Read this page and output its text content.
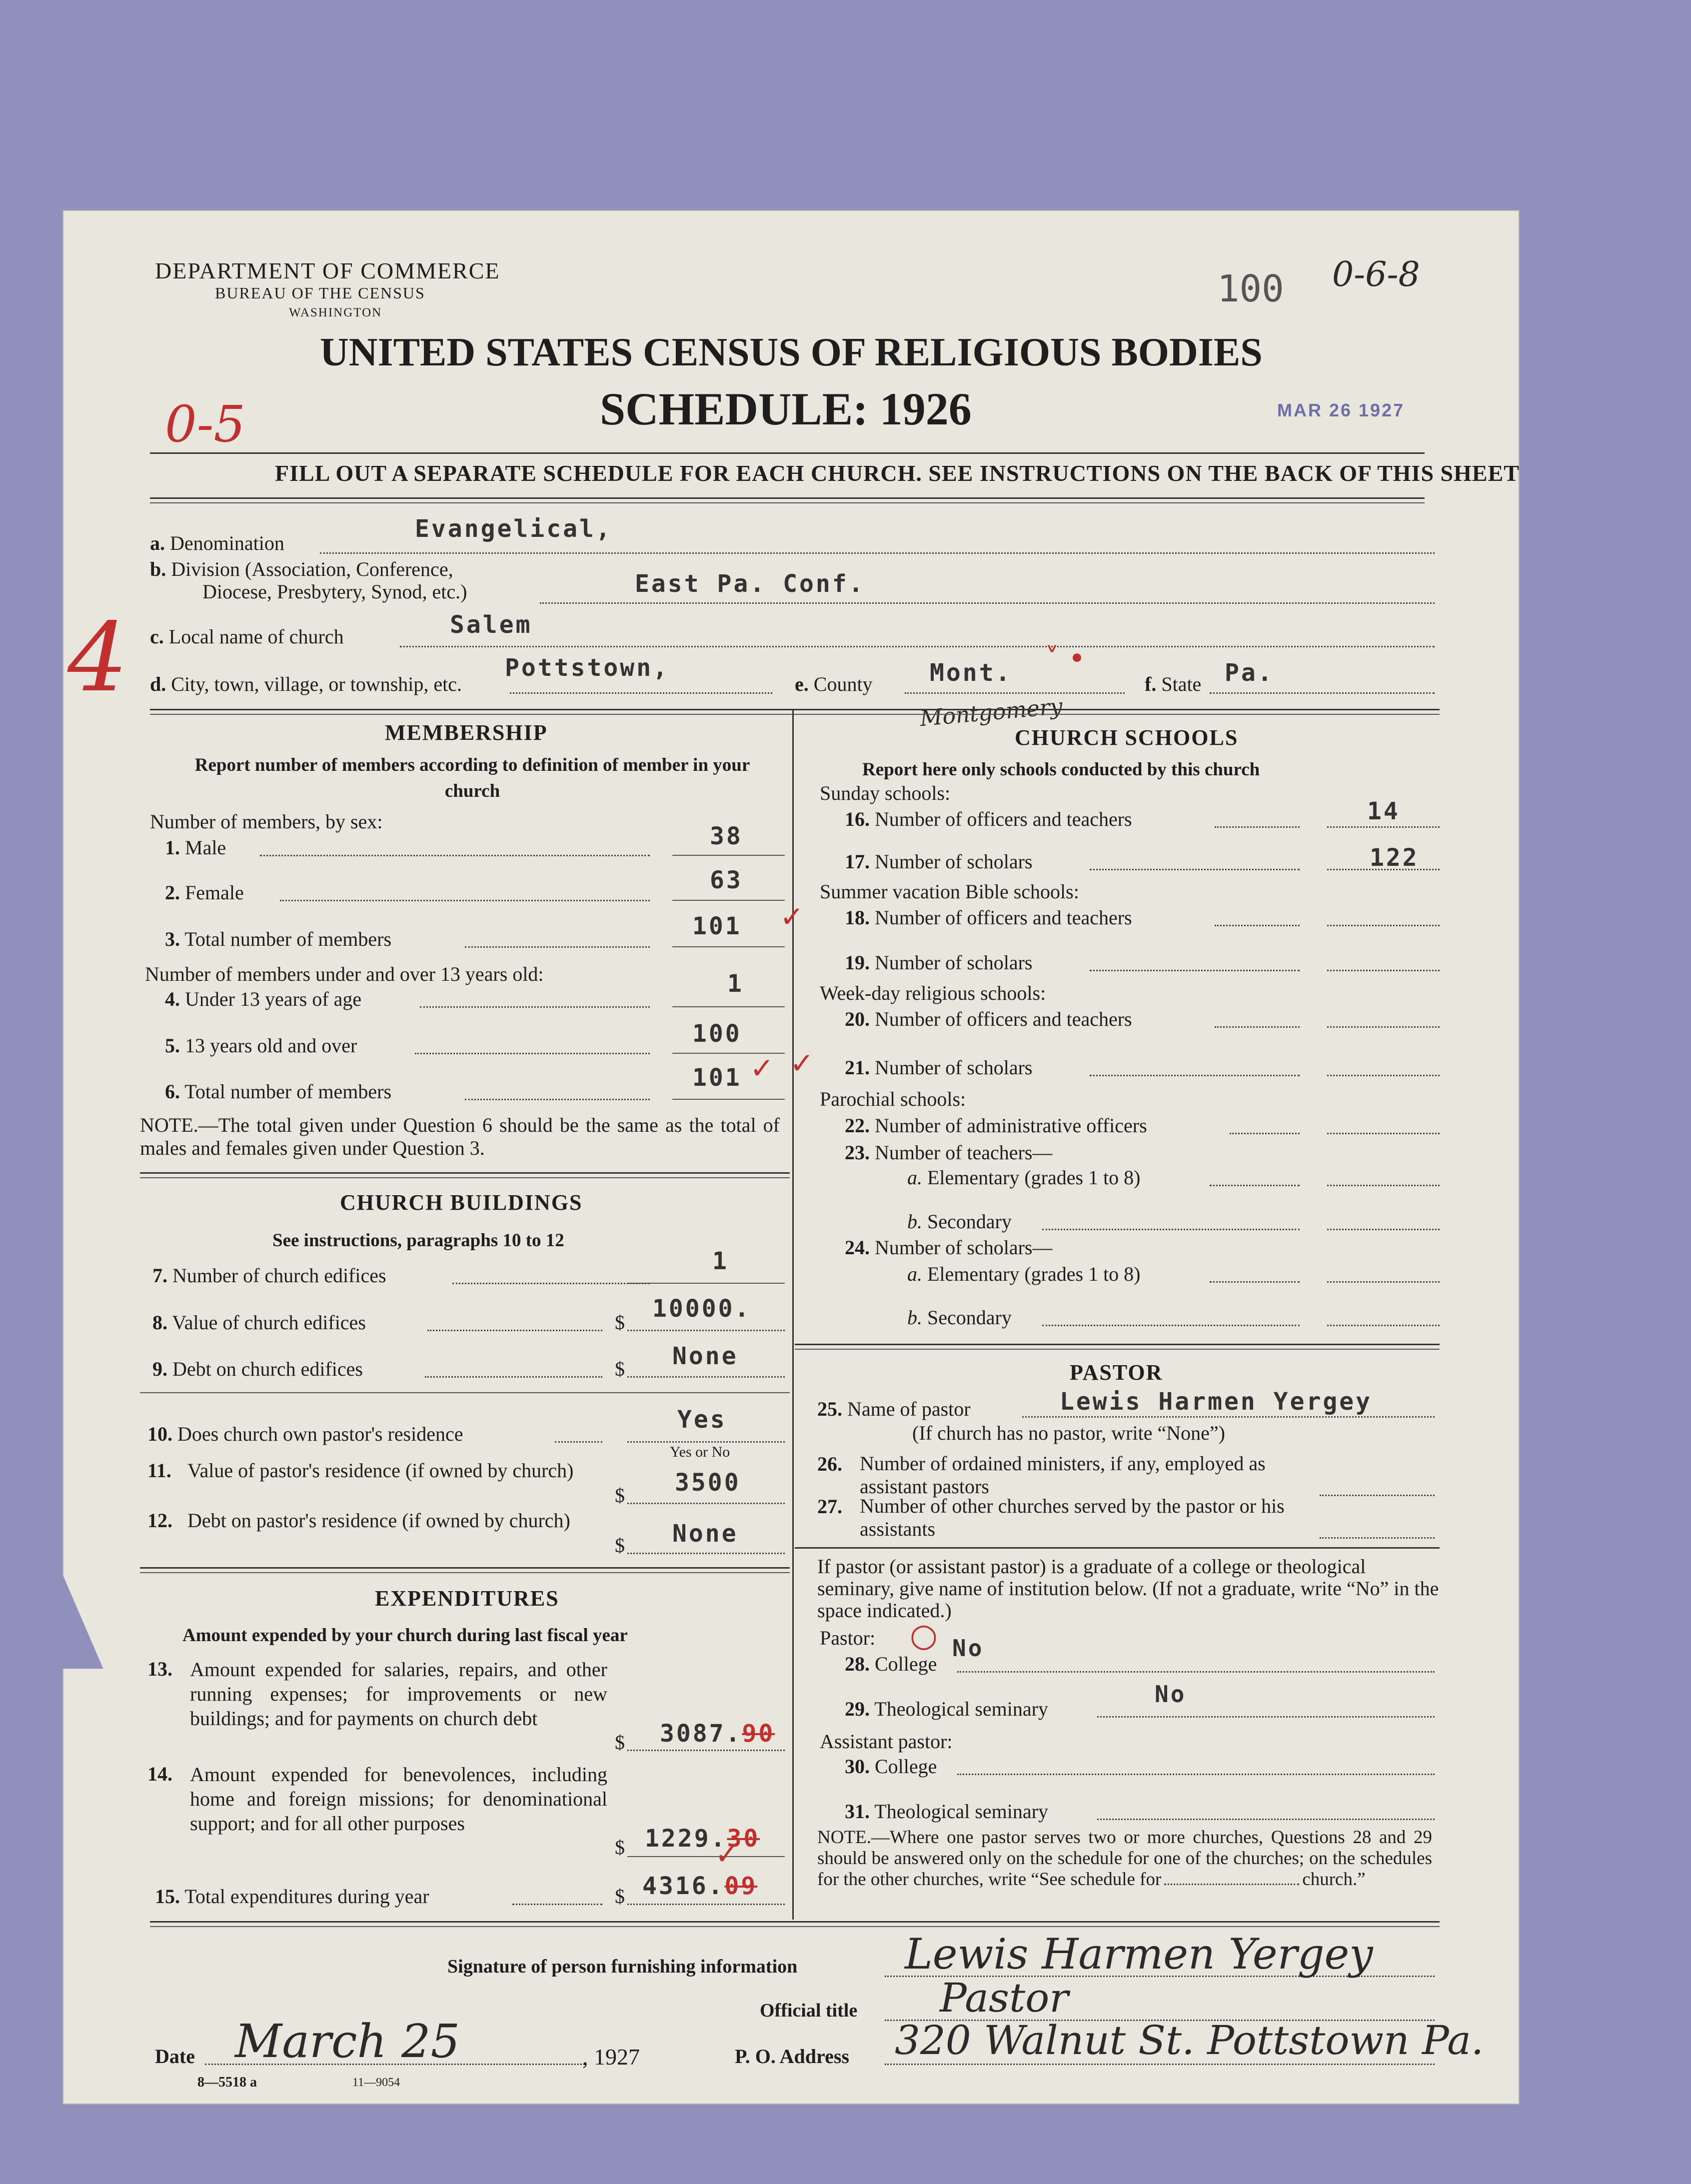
DEPARTMENT OF COMMERCE
BUREAU OF THE CENSUS
WASHINGTON
UNITED STATES CENSUS OF RELIGIOUS BODIES
SCHEDULE: 1926
100 0-6-8
0-5
4
MAR 26 1927
FILL OUT A SEPARATE SCHEDULE FOR EACH CHURCH. SEE INSTRUCTIONS ON THE BACK OF THIS SHEET
a. Denomination
Evangelical,
b. Division (Association, Conference,
Diocese, Presbytery, Synod, etc.)	East Pa. Conf.
c. Local name of church	Salem
d. City, town, village, or township, etc.
Pottstown,
e. County Mont.
Montgomery
f. State Pa.
˅ •
MEMBERSHIP
Report number of members according to definition of member in your church
Number of members, by sex:
1. Male	38
2. Female	63
3. Total number of members	101 ✓
Number of members under and over 13 years old:
4. Under 13 years of age
1
5. 13 years old and over	100
6. Total number of members	101 ✓ ✓
NOTE.—The total given under Question 6 should be the same as the total of males and females given under Question 3.
CHURCH BUILDINGS
See instructions, paragraphs 10 to 12
7. Number of church edifices
1
8. Value of church edifices	$ 10000.
9. Debt on church edifices	$ None
10. Does church own pastor's residence
Yes
Yes or No
11. Value of pastor's residence (if owned by church)
$ 3500
12. Debt on pastor's residence (if owned by church)
$ None
EXPENDITURES
Amount expended by your church during last fiscal year
13. Amount expended for salaries, repairs, and other running expenses; for improvements or new buildings; and for payments on church debt
$ 3087.90
14. Amount expended for benevolences, including home and foreign missions; for denominational support; and for all other purposes
$ 1229.30
✓
15. Total expenditures during year	$ 4316.09
CHURCH SCHOOLS
Report here only schools conducted by this church
Sunday schools:
16. Number of officers and teachers	14
17. Number of scholars	122
Summer vacation Bible schools:
18. Number of officers and teachers
19. Number of scholars
Week-day religious schools:
20. Number of officers and teachers
21. Number of scholars
Parochial schools:
22. Number of administrative officers
23. Number of teachers—
a. Elementary (grades 1 to 8)
b. Secondary
24. Number of scholars—
a. Elementary (grades 1 to 8)
b. Secondary
PASTOR
25. Name of pastor	Lewis Harmen Yergey
(If church has no pastor, write “None”)
26. Number of ordained ministers, if any, employed as assistant pastors
27. Number of other churches served by the pastor or his assistants
If pastor (or assistant pastor) is a graduate of a college or theological seminary, give name of institution below. (If not a graduate, write “No” in the space indicated.)
Pastor: ○
28. College
No
29. Theological seminary
No
Assistant pastor:
30. College
31. Theological seminary
NOTE.—Where one pastor serves two or more churches, Questions 28 and 29 should be answered only on the schedule for one of the churches; on the schedules for the other churches, write “See schedule for	church.”
Signature of person furnishing information	Lewis Harmen Yergey
Official title Pastor
Date March 25	, 1927	P. O. Address 320 Walnut St. Pottstown Pa.
8—5518 a	11—9054
